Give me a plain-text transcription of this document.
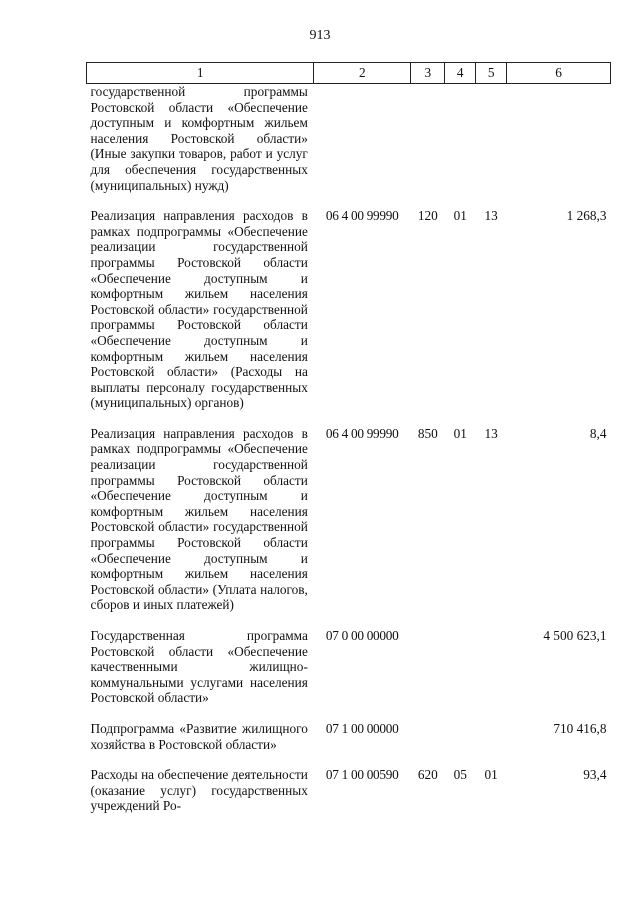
913
1	2	3	4	5	6
государственной программы Ростовской области «Обеспечение доступным и комфортным жильем населения Ростовской области» (Иные закупки товаров, работ и услуг для обеспечения государственных (муниципальных) нужд)					
Реализация направления расходов в рамках подпрограммы «Обеспечение реализации государственной программы Ростовской области «Обеспечение доступным и комфортным жильем населения Ростовской области» государственной программы Ростовской области «Обеспечение доступным и комфортным жильем населения Ростовской области» (Расходы на выплаты персоналу государственных (муниципальных) органов)	06 4 00 99990	120	01	13	1 268,3
Реализация направления расходов в рамках подпрограммы «Обеспечение реализации государственной программы Ростовской области «Обеспечение доступным и комфортным жильем населения Ростовской области» государственной программы Ростовской области «Обеспечение доступным и комфортным жильем населения Ростовской области» (Уплата налогов, сборов и иных платежей)	06 4 00 99990	850	01	13	8,4
Государственная программа Ростовской области «Обеспечение качественными жилищно-коммунальными услугами населения Ростовской области»	07 0 00 00000				4 500 623,1
Подпрограмма «Развитие жилищного хозяйства в Ростовской области»	07 1 00 00000				710 416,8
Расходы на обеспечение деятельности (оказание услуг) государственных учреждений Ро-	07 1 00 00590	620	05	01	93,4
